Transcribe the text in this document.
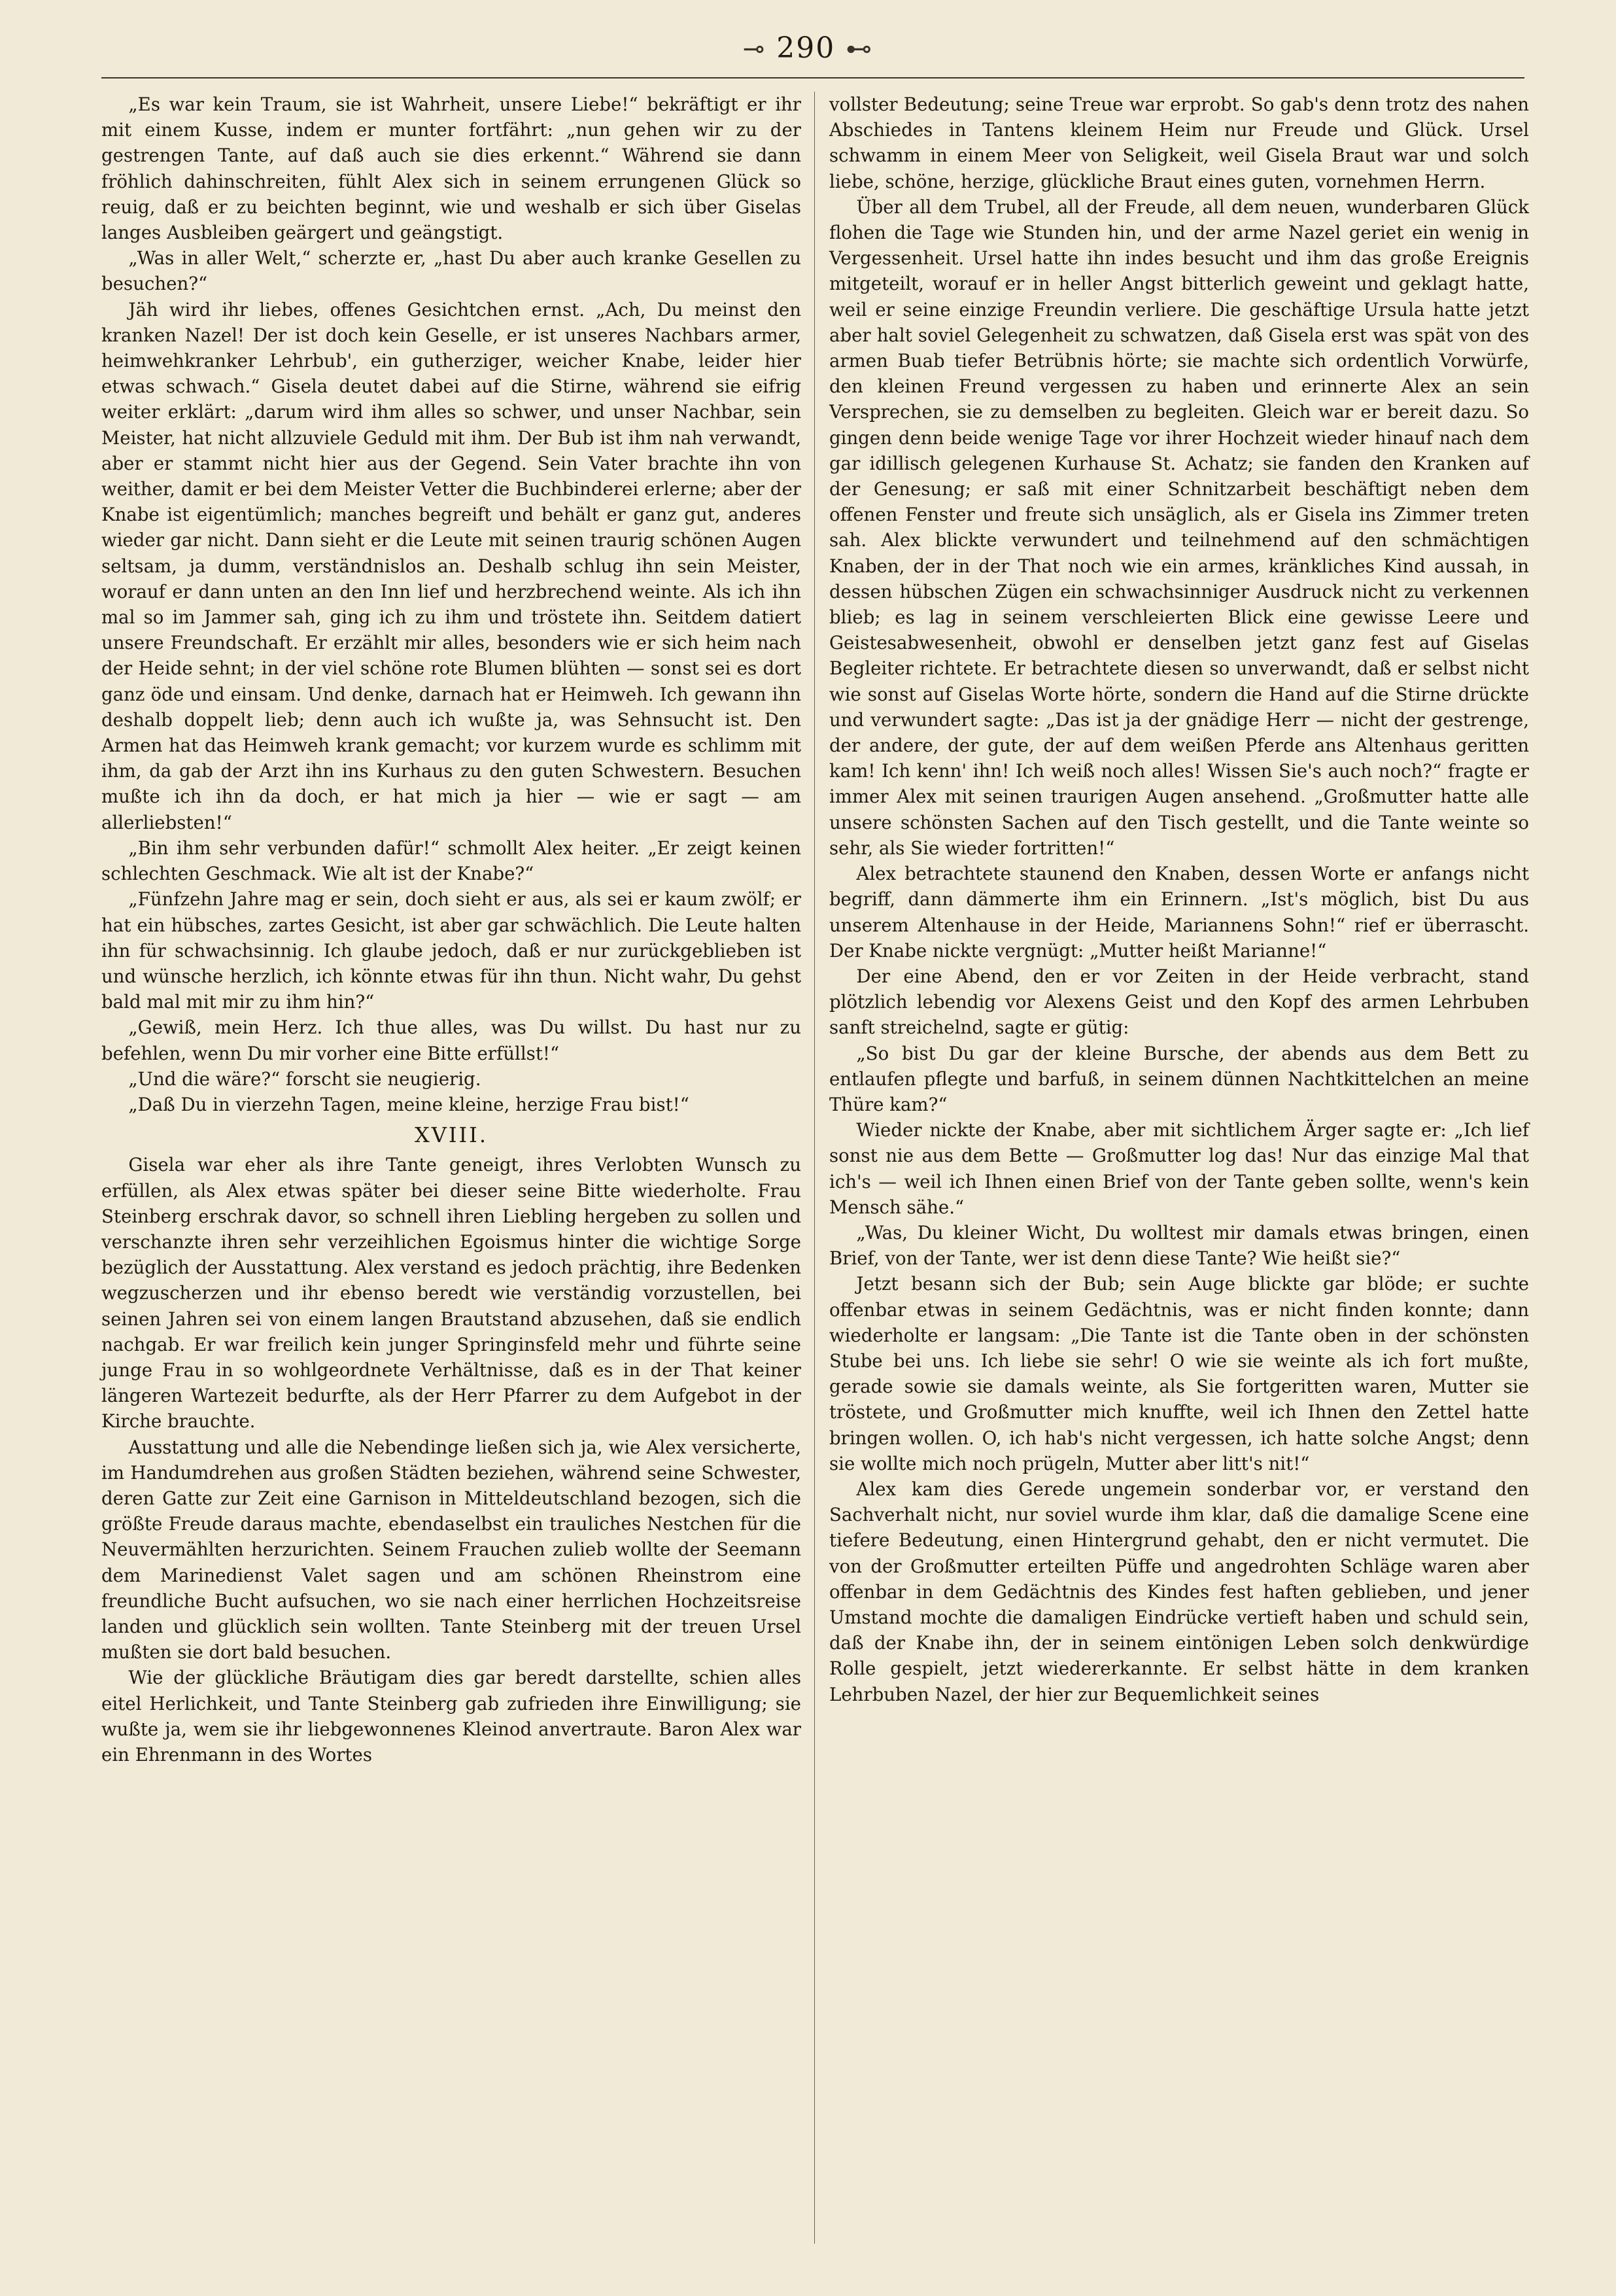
⊸ 290 ⊷

„Es war kein Traum, sie ist Wahrheit, unsere Liebe!“ bekräftigt er ihr mit einem Kusse, indem er munter fortfährt: „nun gehen wir zu der gestrengen Tante, auf daß auch sie dies erkennt.“ Während sie dann fröhlich dahinschreiten, fühlt Alex sich in seinem errungenen Glück so reuig, daß er zu beichten beginnt, wie und weshalb er sich über Giselas langes Ausbleiben geärgert und geängstigt.

„Was in aller Welt,“ scherzte er, „hast Du aber auch kranke Gesellen zu besuchen?“

Jäh wird ihr liebes, offenes Gesichtchen ernst. „Ach, Du meinst den kranken Nazel! Der ist doch kein Geselle, er ist unseres Nachbars armer, heimwehkranker Lehrbub', ein gutherziger, weicher Knabe, leider hier etwas schwach.“ Gisela deutet dabei auf die Stirne, während sie eifrig weiter erklärt: „darum wird ihm alles so schwer, und unser Nachbar, sein Meister, hat nicht allzuviele Geduld mit ihm. Der Bub ist ihm nah verwandt, aber er stammt nicht hier aus der Gegend. Sein Vater brachte ihn von weither, damit er bei dem Meister Vetter die Buchbinderei erlerne; aber der Knabe ist eigentümlich; manches begreift und behält er ganz gut, anderes wieder gar nicht. Dann sieht er die Leute mit seinen traurig schönen Augen seltsam, ja dumm, verständnislos an. Deshalb schlug ihn sein Meister, worauf er dann unten an den Inn lief und herzbrechend weinte. Als ich ihn mal so im Jammer sah, ging ich zu ihm und tröstete ihn. Seitdem datiert unsere Freundschaft. Er erzählt mir alles, besonders wie er sich heim nach der Heide sehnt; in der viel schöne rote Blumen blühten — sonst sei es dort ganz öde und einsam. Und denke, darnach hat er Heimweh. Ich gewann ihn deshalb doppelt lieb; denn auch ich wußte ja, was Sehnsucht ist. Den Armen hat das Heimweh krank gemacht; vor kurzem wurde es schlimm mit ihm, da gab der Arzt ihn ins Kurhaus zu den guten Schwestern. Besuchen mußte ich ihn da doch, er hat mich ja hier — wie er sagt — am allerliebsten!“

„Bin ihm sehr verbunden dafür!“ schmollt Alex heiter. „Er zeigt keinen schlechten Geschmack. Wie alt ist der Knabe?“

„Fünfzehn Jahre mag er sein, doch sieht er aus, als sei er kaum zwölf; er hat ein hübsches, zartes Gesicht, ist aber gar schwächlich. Die Leute halten ihn für schwachsinnig. Ich glaube jedoch, daß er nur zurückgeblieben ist und wünsche herzlich, ich könnte etwas für ihn thun. Nicht wahr, Du gehst bald mal mit mir zu ihm hin?“

„Gewiß, mein Herz. Ich thue alles, was Du willst. Du hast nur zu befehlen, wenn Du mir vorher eine Bitte erfüllst!“

„Und die wäre?“ forscht sie neugierig.

„Daß Du in vierzehn Tagen, meine kleine, herzige Frau bist!“

XVIII.

Gisela war eher als ihre Tante geneigt, ihres Verlobten Wunsch zu erfüllen, als Alex etwas später bei dieser seine Bitte wiederholte. Frau Steinberg erschrak davor, so schnell ihren Liebling hergeben zu sollen und verschanzte ihren sehr verzeihlichen Egoismus hinter die wichtige Sorge bezüglich der Ausstattung. Alex verstand es jedoch prächtig, ihre Bedenken wegzuscherzen und ihr ebenso beredt wie verständig vorzustellen, bei seinen Jahren sei von einem langen Brautstand abzusehen, daß sie endlich nachgab. Er war freilich kein junger Springinsfeld mehr und führte seine junge Frau in so wohlgeordnete Verhältnisse, daß es in der That keiner längeren Wartezeit bedurfte, als der Herr Pfarrer zu dem Aufgebot in der Kirche brauchte.

Ausstattung und alle die Nebendinge ließen sich ja, wie Alex versicherte, im Handumdrehen aus großen Städten beziehen, während seine Schwester, deren Gatte zur Zeit eine Garnison in Mitteldeutschland bezogen, sich die größte Freude daraus machte, ebendaselbst ein trauliches Nestchen für die Neuvermählten herzurichten. Seinem Frauchen zulieb wollte der Seemann dem Marinedienst Valet sagen und am schönen Rheinstrom eine freundliche Bucht aufsuchen, wo sie nach einer herrlichen Hochzeitsreise landen und glücklich sein wollten. Tante Steinberg mit der treuen Ursel mußten sie dort bald besuchen.

Wie der glückliche Bräutigam dies gar beredt darstellte, schien alles eitel Herlichkeit, und Tante Steinberg gab zufrieden ihre Einwilligung; sie wußte ja, wem sie ihr liebgewonnenes Kleinod anvertraute. Baron Alex war ein Ehrenmann in des Wortes

vollster Bedeutung; seine Treue war erprobt. So gab's denn trotz des nahen Abschiedes in Tantens kleinem Heim nur Freude und Glück. Ursel schwamm in einem Meer von Seligkeit, weil Gisela Braut war und solch liebe, schöne, herzige, glückliche Braut eines guten, vornehmen Herrn.

Über all dem Trubel, all der Freude, all dem neuen, wunderbaren Glück flohen die Tage wie Stunden hin, und der arme Nazel geriet ein wenig in Vergessenheit. Ursel hatte ihn indes besucht und ihm das große Ereignis mitgeteilt, worauf er in heller Angst bitterlich geweint und geklagt hatte, weil er seine einzige Freundin verliere. Die geschäftige Ursula hatte jetzt aber halt soviel Gelegenheit zu schwatzen, daß Gisela erst was spät von des armen Buab tiefer Betrübnis hörte; sie machte sich ordentlich Vorwürfe, den kleinen Freund vergessen zu haben und erinnerte Alex an sein Versprechen, sie zu demselben zu begleiten. Gleich war er bereit dazu. So gingen denn beide wenige Tage vor ihrer Hochzeit wieder hinauf nach dem gar idillisch gelegenen Kurhause St. Achatz; sie fanden den Kranken auf der Genesung; er saß mit einer Schnitzarbeit beschäftigt neben dem offenen Fenster und freute sich unsäglich, als er Gisela ins Zimmer treten sah. Alex blickte verwundert und teilnehmend auf den schmächtigen Knaben, der in der That noch wie ein armes, kränkliches Kind aussah, in dessen hübschen Zügen ein schwachsinniger Ausdruck nicht zu verkennen blieb; es lag in seinem verschleierten Blick eine gewisse Leere und Geistesabwesenheit, obwohl er denselben jetzt ganz fest auf Giselas Begleiter richtete. Er betrachtete diesen so unverwandt, daß er selbst nicht wie sonst auf Giselas Worte hörte, sondern die Hand auf die Stirne drückte und verwundert sagte: „Das ist ja der gnädige Herr — nicht der gestrenge, der andere, der gute, der auf dem weißen Pferde ans Altenhaus geritten kam! Ich kenn' ihn! Ich weiß noch alles! Wissen Sie's auch noch?“ fragte er immer Alex mit seinen traurigen Augen ansehend. „Großmutter hatte alle unsere schönsten Sachen auf den Tisch gestellt, und die Tante weinte so sehr, als Sie wieder fortritten!“

Alex betrachtete staunend den Knaben, dessen Worte er anfangs nicht begriff, dann dämmerte ihm ein Erinnern. „Ist's möglich, bist Du aus unserem Altenhause in der Heide, Mariannens Sohn!“ rief er überrascht. Der Knabe nickte vergnügt: „Mutter heißt Marianne!“

Der eine Abend, den er vor Zeiten in der Heide verbracht, stand plötzlich lebendig vor Alexens Geist und den Kopf des armen Lehrbuben sanft streichelnd, sagte er gütig:

„So bist Du gar der kleine Bursche, der abends aus dem Bett zu entlaufen pflegte und barfuß, in seinem dünnen Nachtkittelchen an meine Thüre kam?“

Wieder nickte der Knabe, aber mit sichtlichem Ärger sagte er: „Ich lief sonst nie aus dem Bette — Großmutter log das! Nur das einzige Mal that ich's — weil ich Ihnen einen Brief von der Tante geben sollte, wenn's kein Mensch sähe.“

„Was, Du kleiner Wicht, Du wolltest mir damals etwas bringen, einen Brief, von der Tante, wer ist denn diese Tante? Wie heißt sie?“

Jetzt besann sich der Bub; sein Auge blickte gar blöde; er suchte offenbar etwas in seinem Gedächtnis, was er nicht finden konnte; dann wiederholte er langsam: „Die Tante ist die Tante oben in der schönsten Stube bei uns. Ich liebe sie sehr! O wie sie weinte als ich fort mußte, gerade sowie sie damals weinte, als Sie fortgeritten waren, Mutter sie tröstete, und Großmutter mich knuffte, weil ich Ihnen den Zettel hatte bringen wollen. O, ich hab's nicht vergessen, ich hatte solche Angst; denn sie wollte mich noch prügeln, Mutter aber litt's nit!“

Alex kam dies Gerede ungemein sonderbar vor, er verstand den Sachverhalt nicht, nur soviel wurde ihm klar, daß die damalige Scene eine tiefere Bedeutung, einen Hintergrund gehabt, den er nicht vermutet. Die von der Großmutter erteilten Püffe und angedrohten Schläge waren aber offenbar in dem Gedächtnis des Kindes fest haften geblieben, und jener Umstand mochte die damaligen Eindrücke vertieft haben und schuld sein, daß der Knabe ihn, der in seinem eintönigen Leben solch denkwürdige Rolle gespielt, jetzt wiedererkannte. Er selbst hätte in dem kranken Lehrbuben Nazel, der hier zur Bequemlichkeit seines
